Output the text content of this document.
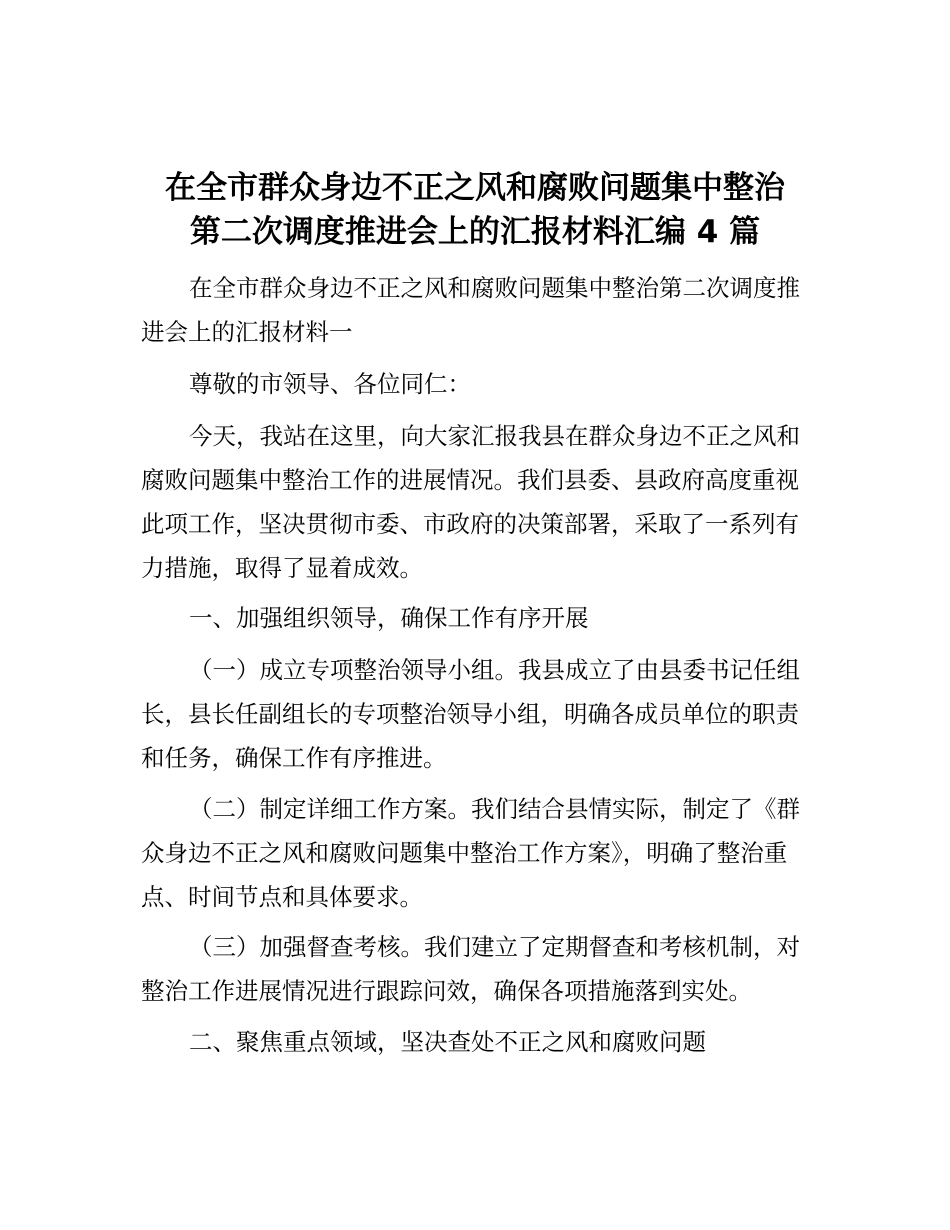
在全市群众身边不正之风和腐败问题集中整治
第二次调度推进会上的汇报材料汇编 4 篇

在全市群众身边不正之风和腐败问题集中整治第二次调度推进会上的汇报材料一

尊敬的市领导、各位同仁：

今天，我站在这里，向大家汇报我县在群众身边不正之风和腐败问题集中整治工作的进展情况。我们县委、县政府高度重视此项工作，坚决贯彻市委、市政府的决策部署，采取了一系列有力措施，取得了显着成效。

一、加强组织领导，确保工作有序开展

（一）成立专项整治领导小组。我县成立了由县委书记任组长，县长任副组长的专项整治领导小组，明确各成员单位的职责和任务，确保工作有序推进。

（二）制定详细工作方案。我们结合县情实际，制定了《群众身边不正之风和腐败问题集中整治工作方案》，明确了整治重点、时间节点和具体要求。

（三）加强督查考核。我们建立了定期督查和考核机制，对整治工作进展情况进行跟踪问效，确保各项措施落到实处。

二、聚焦重点领域，坚决查处不正之风和腐败问题
